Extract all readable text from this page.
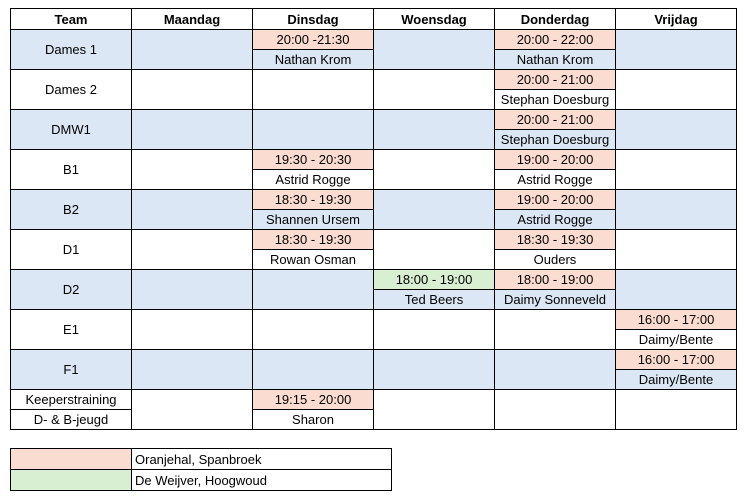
Team	Maandag	Dinsdag	Woensdag	Donderdag	Vrijdag
Dames 1		20:00 -21:30		20:00 - 22:00	
		Nathan Krom		Nathan Krom	
Dames 2				20:00 - 21:00	
				Stephan Doesburg	
DMW1				20:00 - 21:00	
				Stephan Doesburg	
B1		19:30 - 20:30		19:00 - 20:00	
		Astrid Rogge		Astrid Rogge	
B2		18:30 - 19:30		19:00 - 20:00	
		Shannen Ursem		Astrid Rogge	
D1		18:30 - 19:30		18:30 - 19:30	
		Rowan Osman		Ouders	
D2			18:00 - 19:00	18:00 - 19:00	
			Ted Beers	Daimy Sonneveld	
E1					16:00 - 17:00
					Daimy/Bente
F1					16:00 - 17:00
					Daimy/Bente
Keeperstraining		19:15 - 20:00			
D- & B-jeugd		Sharon			
	Oranjehal, Spanbroek
	De Weijver, Hoogwoud
